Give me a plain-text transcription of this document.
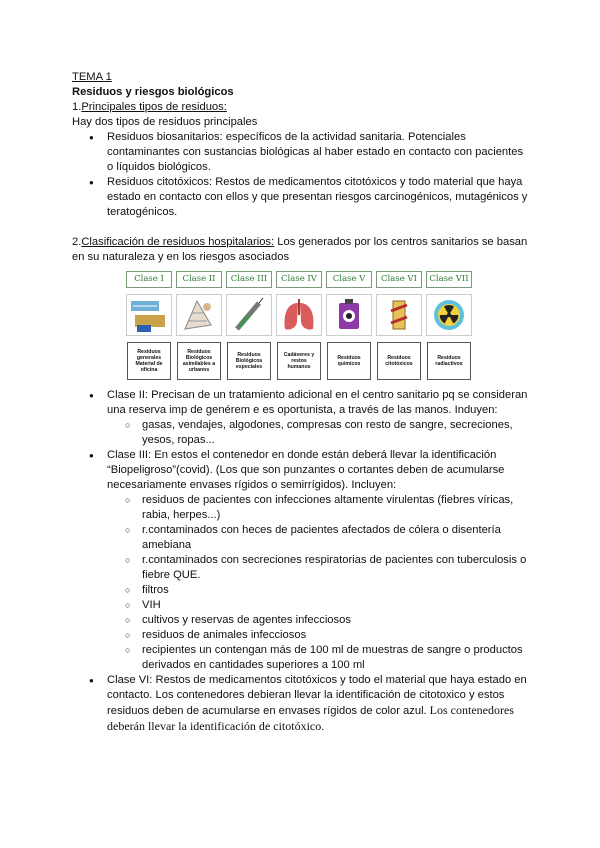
TEMA 1

Residuos y riesgos biológicos

1.Principales tipos de residuos:

Hay dos tipos de residuos principales

● Residuos biosanitarios: específicos de la actividad sanitaria. Potenciales contaminantes con sustancias biológicas al haber estado en contacto con pacientes o líquidos biológicos.
● Residuos citotóxicos: Restos de medicamentos citotóxicos y todo material que haya estado en contacto con ellos y que presentan riesgos carcinogénicos, mutagénicos y teratogénicos.

2.Clasificación de residuos hospitalarios: Los generados por los centros sanitarios se basan en su naturaleza y en los riesgos asociados

Clase I
Residuos generales Material de oficina
Clase II
Residuos Biológicos asimilables a urbanos
Clase III
Residuos Biológicos especiales
Clase IV
Cadáveres y restos humanos
Clase V
Residuos químicos
Clase VI
Residuos citotóxicos
Clase VII
Residuos radiactivos
● Clase II: Precisan de un tratamiento adicional en el centro sanitario pq se consideran una reserva imp de genérem e es oportunista, a través de las manos. Induyen:
○ gasas, vendajes, algodones, compresas con resto de sangre, secreciones, yesos, ropas...
● Clase III: En estos el contenedor en donde están deberá llevar la identificación “Biopeligroso”(covid). (Los que son punzantes o cortantes deben de acumularse necesariamente envases rígidos o semirrígidos). Incluyen:
○ residuos de pacientes con infecciones altamente virulentas (fiebres víricas, rabia, herpes...)
○ r.contaminados con heces de pacientes afectados de cólera o disentería amebiana
○ r.contaminados con secreciones respiratorias de pacientes con tuberculosis o fiebre QUE.
○ filtros
○ VIH
○ cultivos y reservas de agentes infecciosos
○ residuos de animales infecciosos
○ recipientes un contengan más de 100 ml de muestras de sangre o productos derivados en cantidades superiores a 100 ml
● Clase VI: Restos de medicamentos citotóxicos y todo el material que haya estado en contacto. Los contenedores debieran llevar la identificación de citotoxico y estos residuos deben de acumularse en envases rígidos de color azul. Los contenedores deberán llevar la identificación de citotóxico.
